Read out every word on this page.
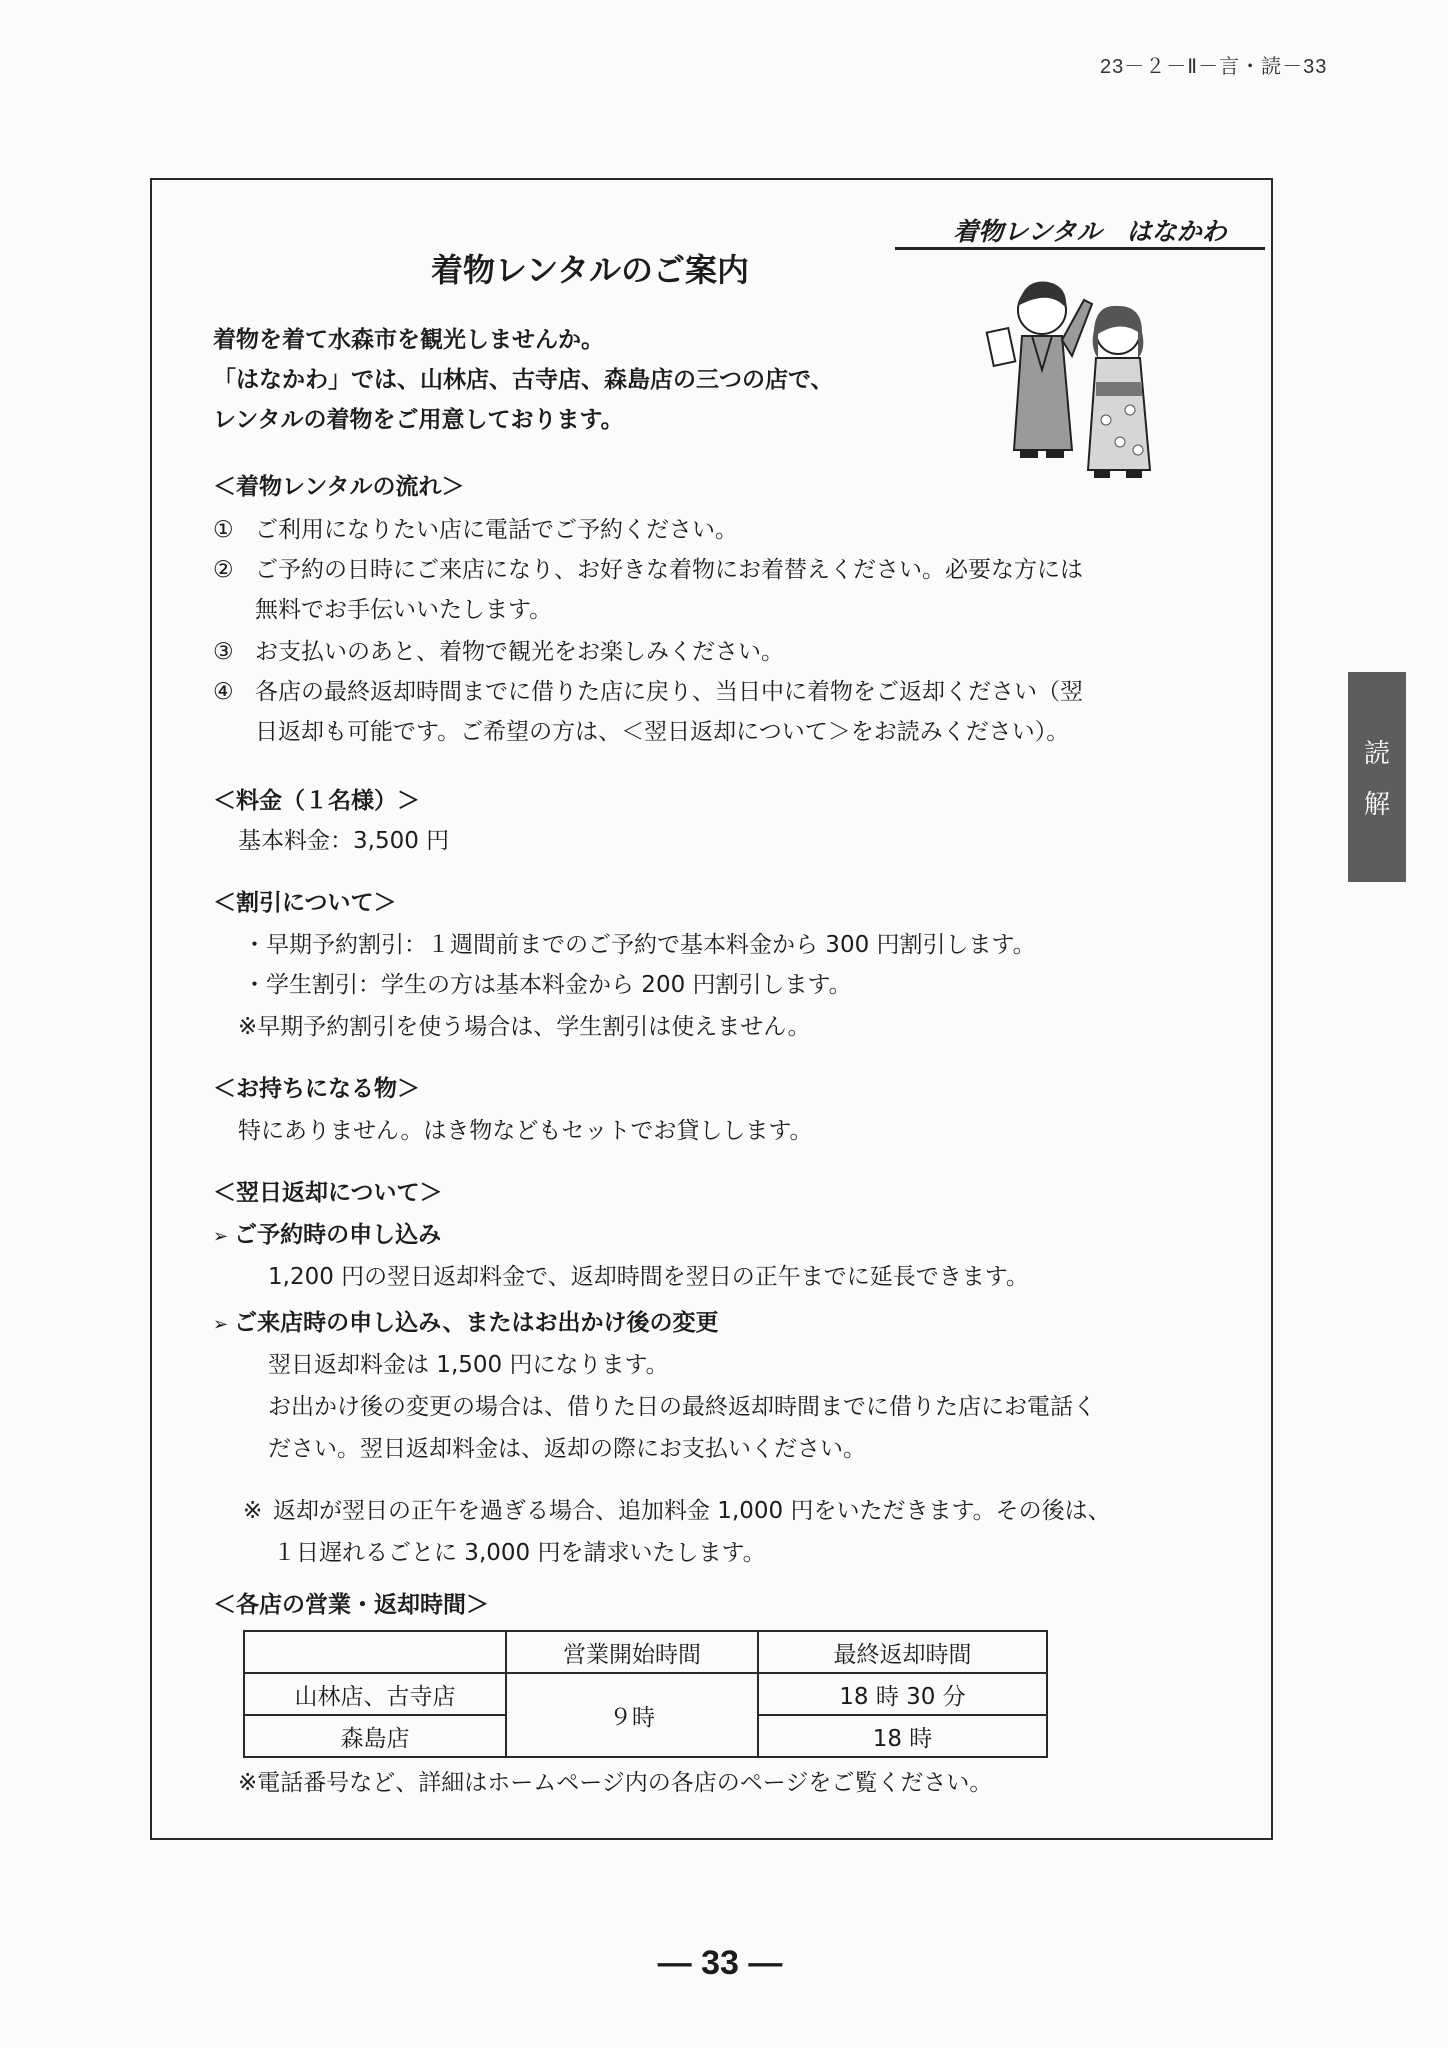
23－２－Ⅱ－言・読－33
読
解
着物レンタル　はなかわ
着物レンタルのご案内
着物を着て水森市を観光しませんか。
「はなかわ」では、山林店、古寺店、森島店の三つの店で、
レンタルの着物をご用意しております。
＜着物レンタルの流れ＞
① ご利用になりたい店に電話でご予約ください。
② ご予約の日時にご来店になり、お好きな着物にお着替えください。必要な方には
無料でお手伝いいたします。
③ お支払いのあと、着物で観光をお楽しみください。
④ 各店の最終返却時間までに借りた店に戻り、当日中に着物をご返却ください（翌
日返却も可能です。ご希望の方は、＜翌日返却について＞をお読みください）。
＜料金（１名様）＞
基本料金：3,500 円
＜割引について＞
・早期予約割引：１週間前までのご予約で基本料金から 300 円割引します。
・学生割引：学生の方は基本料金から 200 円割引します。
※早期予約割引を使う場合は、学生割引は使えません。
＜お持ちになる物＞
特にありません。はき物などもセットでお貸しします。
＜翌日返却について＞
➢ ご予約時の申し込み
1,200 円の翌日返却料金で、返却時間を翌日の正午までに延長できます。
➢ ご来店時の申し込み、またはお出かけ後の変更
翌日返却料金は 1,500 円になります。
お出かけ後の変更の場合は、借りた日の最終返却時間までに借りた店にお電話く
ださい。翌日返却料金は、返却の際にお支払いください。
※ 返却が翌日の正午を過ぎる場合、追加料金 1,000 円をいただきます。その後は、
１日遅れるごとに 3,000 円を請求いたします。
＜各店の営業・返却時間＞
	営業開始時間	最終返却時間
山林店、古寺店	９時	18 時 30 分
森島店		18 時
※電話番号など、詳細はホームページ内の各店のページをご覧ください。
— 33 —
